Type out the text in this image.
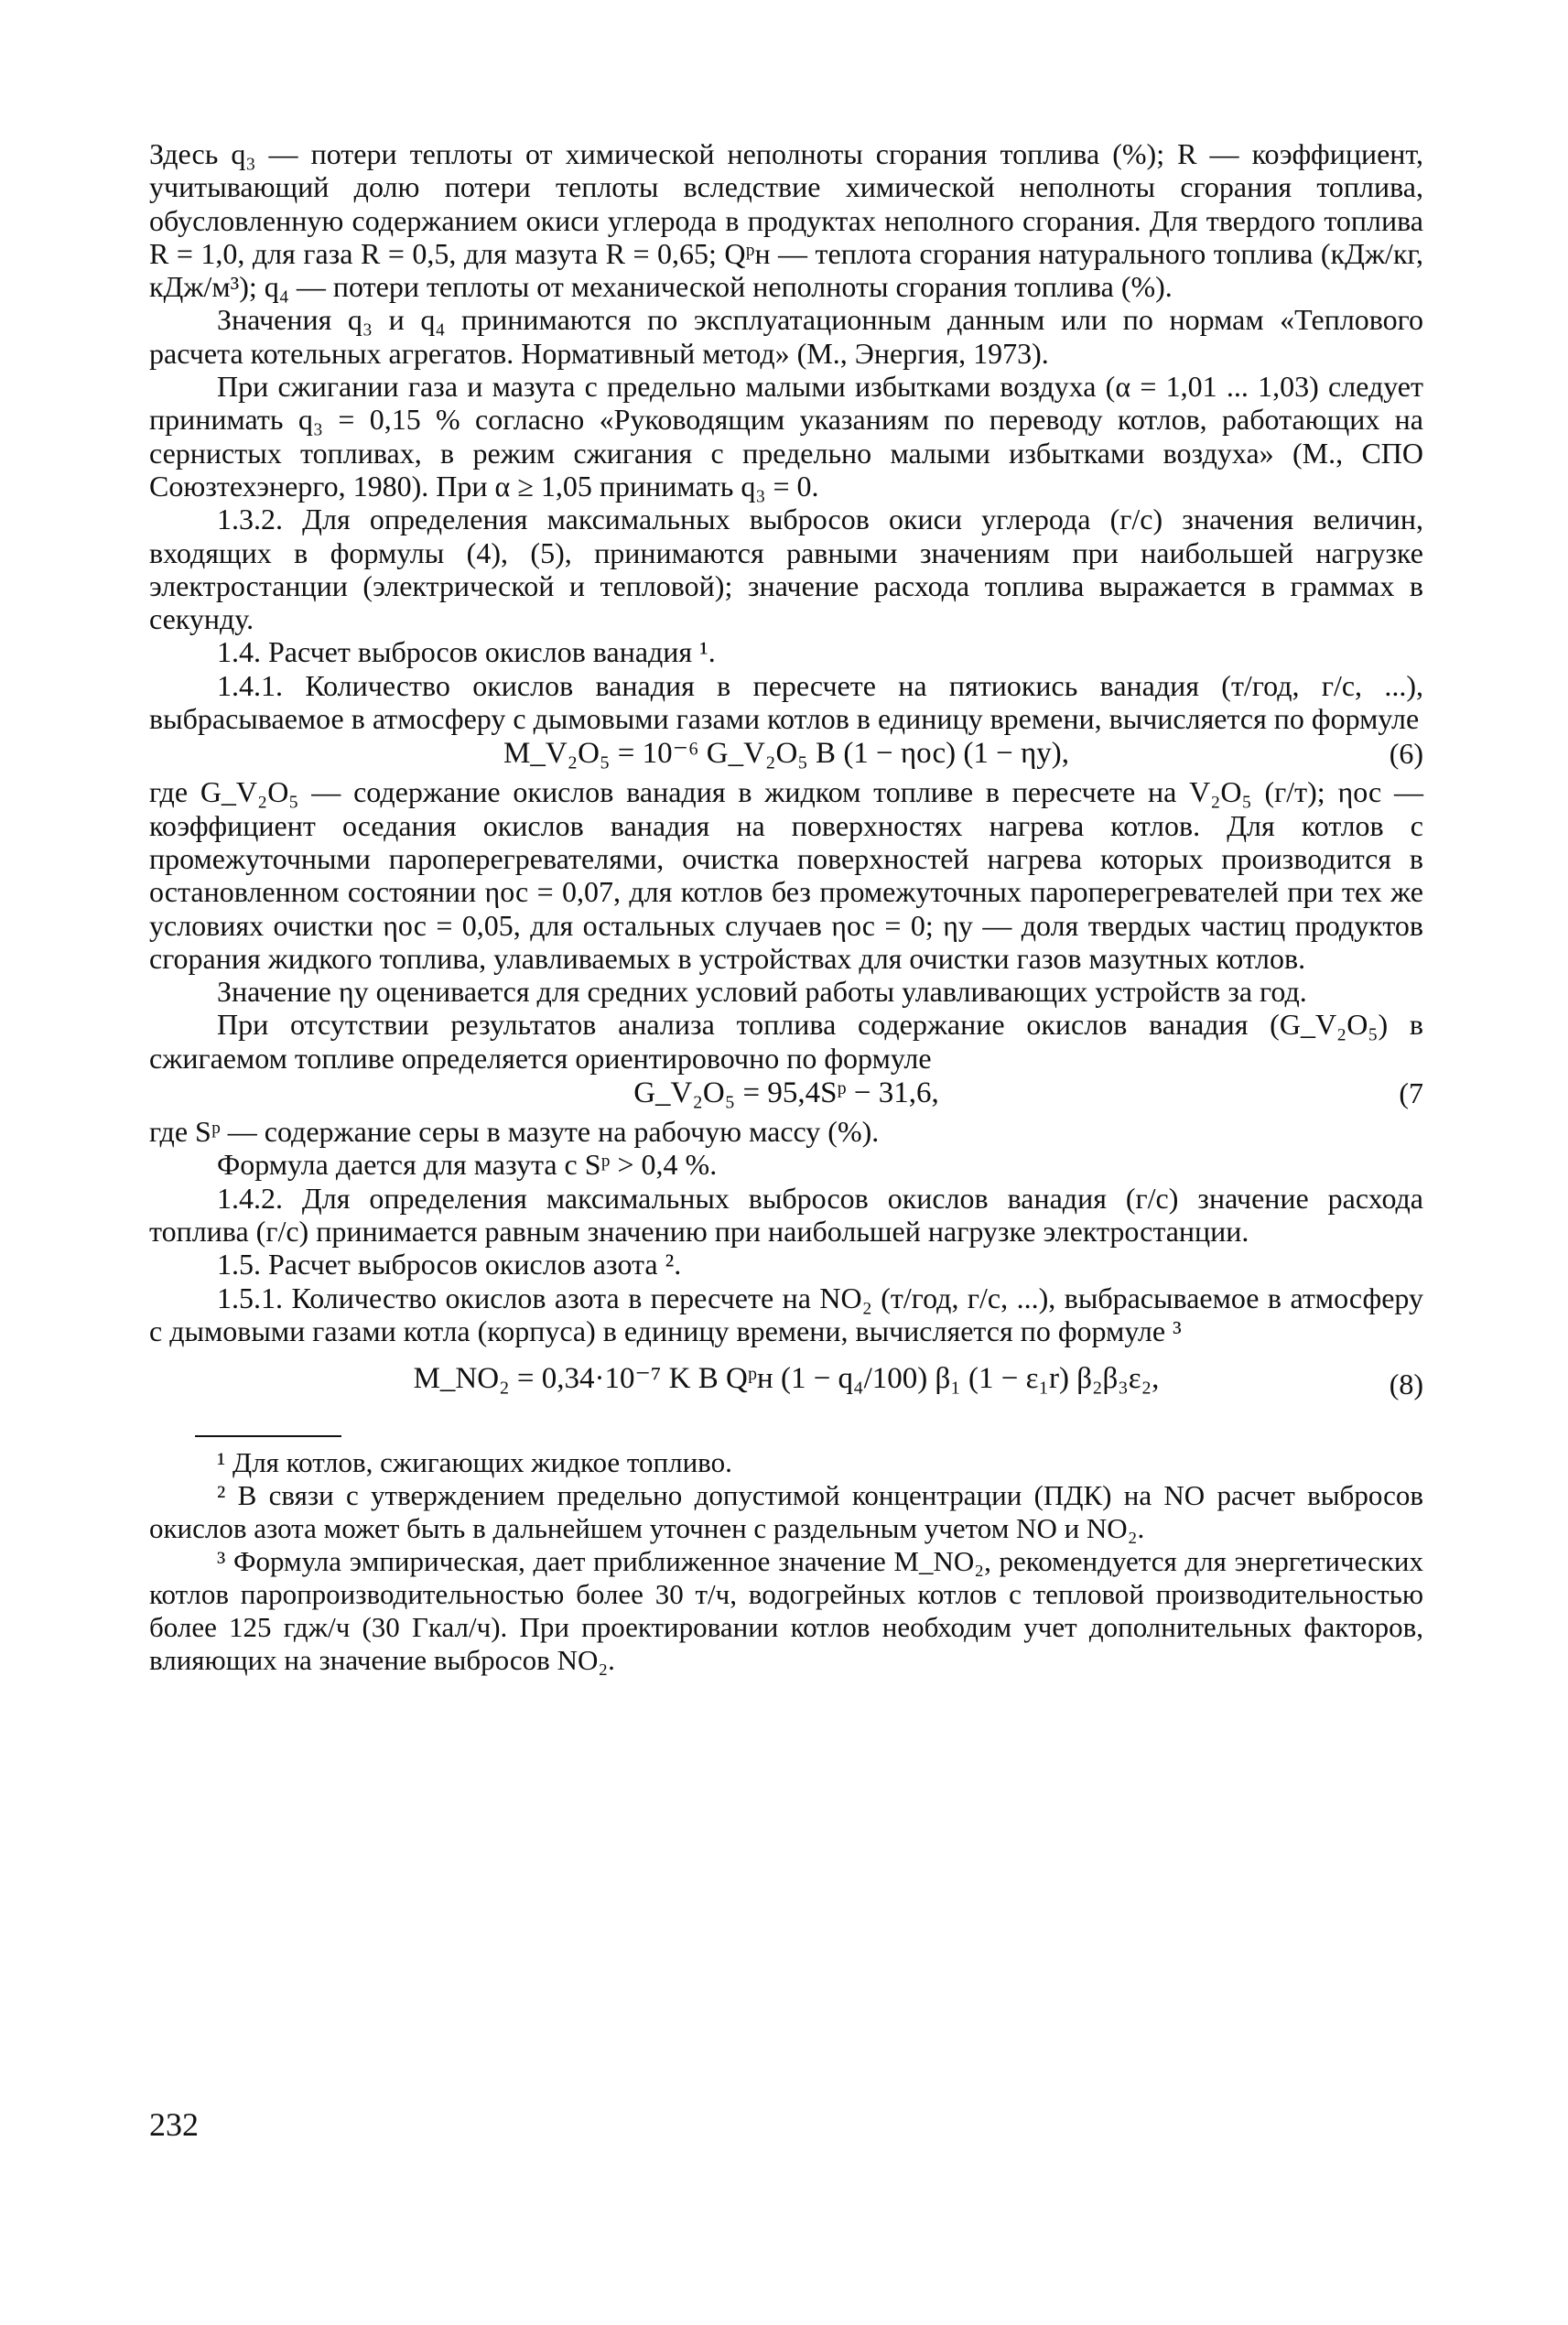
Здесь q₃ — потери теплоты от химической неполноты сгорания топлива (%); R — коэффициент, учитывающий долю потери теплоты вследствие химической неполноты сгорания топлива, обусловленную содержанием окиси углерода в продуктах неполного сгорания. Для твердого топлива R = 1,0, для газа R = 0,5, для мазута R = 0,65; Qᵖн — теплота сгорания натурального топлива (кДж/кг, кДж/м³); q₄ — потери теплоты от механической неполноты сгорания топлива (%).

Значения q₃ и q₄ принимаются по эксплуатационным данным или по нормам «Теплового расчета котельных агрегатов. Нормативный метод» (М., Энергия, 1973).

При сжигании газа и мазута с предельно малыми избытками воздуха (α = 1,01 ... 1,03) следует принимать q₃ = 0,15 % согласно «Руководящим указаниям по переводу котлов, работающих на сернистых топливах, в режим сжигания с предельно малыми избытками воздуха» (М., СПО Союзтехэнерго, 1980). При α ≥ 1,05 принимать q₃ = 0.

1.3.2. Для определения максимальных выбросов окиси углерода (г/с) значения величин, входящих в формулы (4), (5), принимаются равными значениям при наибольшей нагрузке электростанции (электрической и тепловой); значение расхода топлива выражается в граммах в секунду.

1.4. Расчет выбросов окислов ванадия ¹.

1.4.1. Количество окислов ванадия в пересчете на пятиокись ванадия (т/год, г/с, ...), выбрасываемое в атмосферу с дымовыми газами котлов в единицу времени, вычисляется по формуле

M_V₂O₅ = 10⁻⁶ G_V₂O₅ B (1 − ηос) (1 − ηу),	(6)

где G_V₂O₅ — содержание окислов ванадия в жидком топливе в пересчете на V₂O₅ (г/т); ηос — коэффициент оседания окислов ванадия на поверхностях нагрева котлов. Для котлов с промежуточными пароперегревателями, очистка поверхностей нагрева которых производится в остановленном состоянии ηос = 0,07, для котлов без промежуточных пароперегревателей при тех же условиях очистки ηос = 0,05, для остальных случаев ηос = 0; ηу — доля твердых частиц продуктов сгорания жидкого топлива, улавливаемых в устройствах для очистки газов мазутных котлов.

Значение ηу оценивается для средних условий работы улавливающих устройств за год.

При отсутствии результатов анализа топлива содержание окислов ванадия (G_V₂O₅) в сжигаемом топливе определяется ориентировочно по формуле

G_V₂O₅ = 95,4Sᵖ − 31,6,	(7

где Sᵖ — содержание серы в мазуте на рабочую массу (%).

Формула дается для мазута с Sᵖ > 0,4 %.

1.4.2. Для определения максимальных выбросов окислов ванадия (г/с) значение расхода топлива (г/с) принимается равным значению при наибольшей нагрузке электростанции.

1.5. Расчет выбросов окислов азота ².

1.5.1. Количество окислов азота в пересчете на NO₂ (т/год, г/с, ...), выбрасываемое в атмосферу с дымовыми газами котла (корпуса) в единицу времени, вычисляется по формуле ³

M_NO₂ = 0,34·10⁻⁷ K B Qᵖн (1 − q₄/100) β₁ (1 − ε₁r) β₂β₃ε₂,	(8)

¹ Для котлов, сжигающих жидкое топливо.

² В связи с утверждением предельно допустимой концентрации (ПДК) на NO расчет выбросов окислов азота может быть в дальнейшем уточнен с раздельным учетом NO и NO₂.

³ Формула эмпирическая, дает приближенное значение M_NO₂, рекомендуется для энергетических котлов паропроизводительностью более 30 т/ч, водогрейных котлов с тепловой производительностью более 125 гдж/ч (30 Гкал/ч). При проектировании котлов необходим учет дополнительных факторов, влияющих на значение выбросов NO₂.

232
